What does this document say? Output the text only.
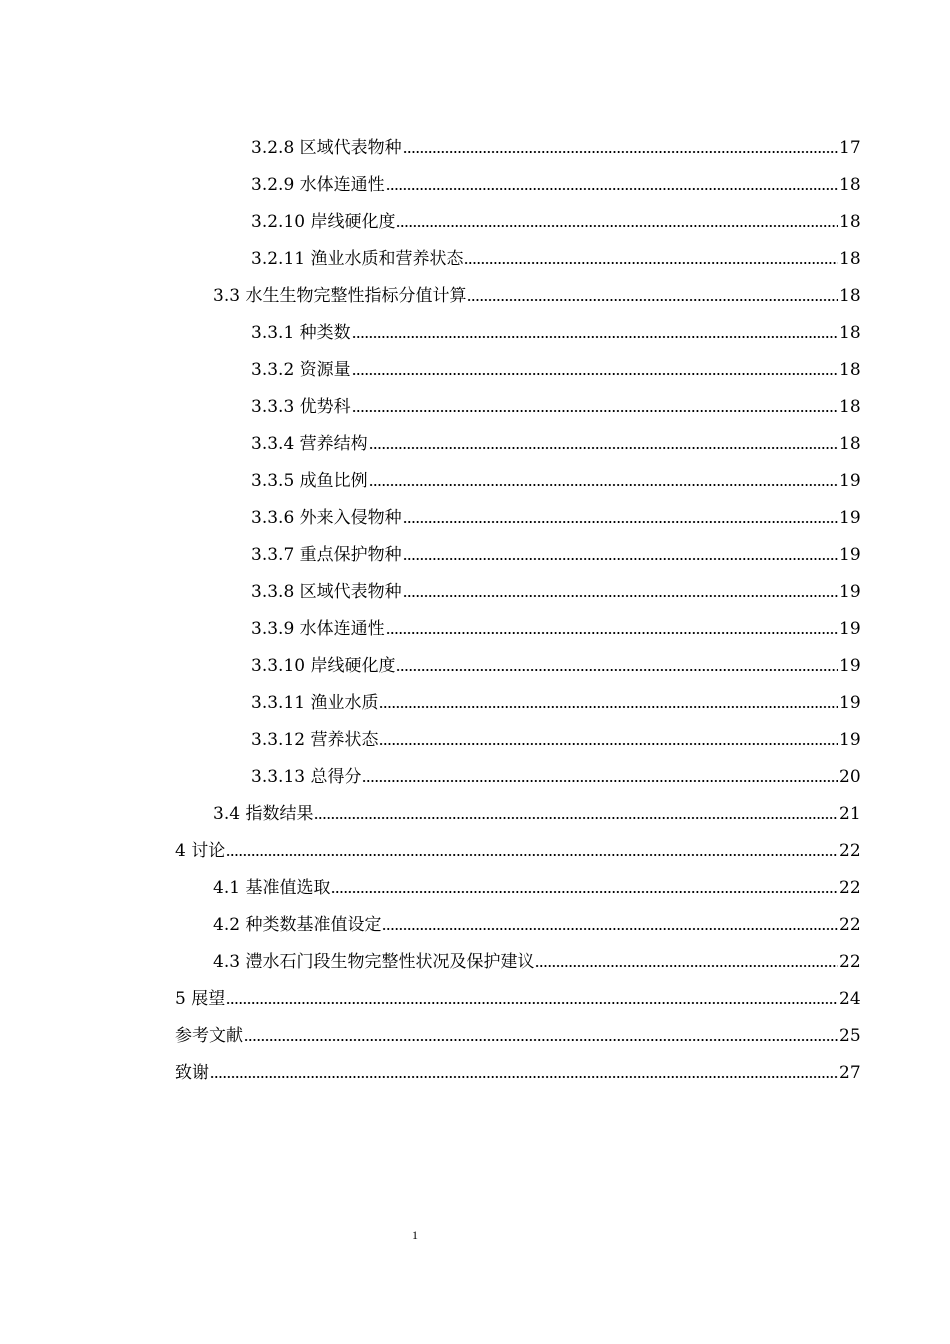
3.2.8 区域代表物种	17
3.2.9 水体连通性	18
3.2.10 岸线硬化度	18
3.2.11 渔业水质和营养状态	18
3.3 水生生物完整性指标分值计算	18
3.3.1 种类数	18
3.3.2 资源量	18
3.3.3 优势科	18
3.3.4 营养结构	18
3.3.5 成鱼比例	19
3.3.6 外来入侵物种	19
3.3.7 重点保护物种	19
3.3.8 区域代表物种	19
3.3.9 水体连通性	19
3.3.10 岸线硬化度	19
3.3.11 渔业水质	19
3.3.12 营养状态	19
3.3.13 总得分	20
3.4 指数结果	21
4 讨论	22
4.1 基准值选取	22
4.2 种类数基准值设定	22
4.3 澧水石门段生物完整性状况及保护建议	22
5 展望	24
参考文献	25
致谢	27
1
